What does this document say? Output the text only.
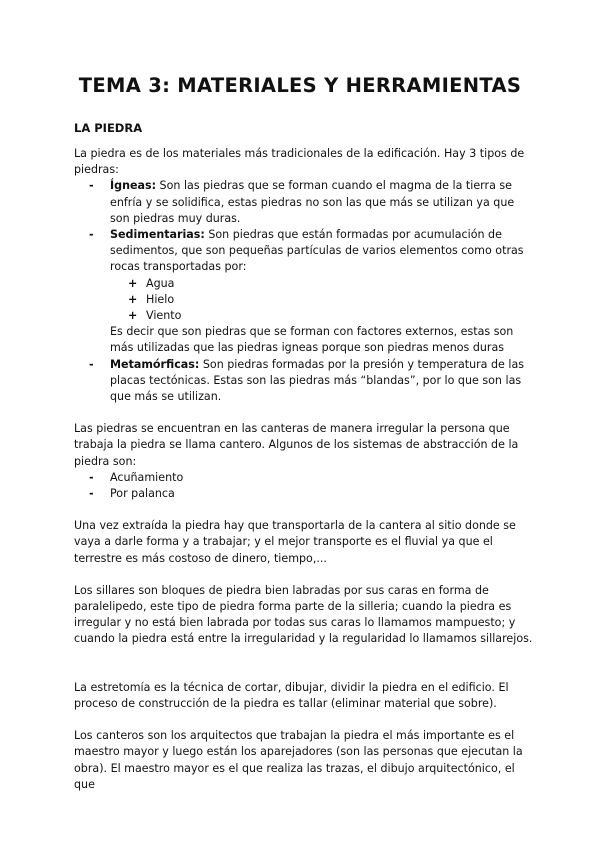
TEMA 3: MATERIALES Y HERRAMIENTAS
LA PIEDRA

La piedra es de los materiales más tradicionales de la edificación. Hay 3 tipos de piedras:

- Ígneas: Son las piedras que se forman cuando el magma de la tierra se enfría y se solidifica, estas piedras no son las que más se utilizan ya que son piedras muy duras.
- Sedimentarias: Son piedras que están formadas por acumulación de sedimentos, que son pequeñas partículas de varios elementos como otras rocas transportadas por:
+ Agua
+ Hielo
+ Viento
Es decir que son piedras que se forman con factores externos, estas son más utilizadas que las piedras igneas porque son piedras menos duras
- Metamórficas: Son piedras formadas por la presión y temperatura de las placas tectónicas. Estas son las piedras más “blandas”, por lo que son las que más se utilizan.

Las piedras se encuentran en las canteras de manera irregular la persona que trabaja la piedra se llama cantero. Algunos de los sistemas de abstracción de la piedra son:

- Acuñamiento
- Por palanca

Una vez extraída la piedra hay que transportarla de la cantera al sitio donde se vaya a darle forma y a trabajar; y el mejor transporte es el fluvial ya que el terrestre es más costoso de dinero, tiempo,...

Los sillares son bloques de piedra bien labradas por sus caras en forma de paralelipedo, este tipo de piedra forma parte de la silleria; cuando la piedra es irregular y no está bien labrada por todas sus caras lo llamamos mampuesto; y cuando la piedra está entre la irregularidad y la regularidad lo llamamos sillarejos.

La estretomía es la técnica de cortar, dibujar, dividir la piedra en el edificio. El proceso de construcción de la piedra es tallar (eliminar material que sobre).

Los canteros son los arquitectos que trabajan la piedra el más importante es el maestro mayor y luego están los aparejadores (son las personas que ejecutan la obra). El maestro mayor es el que realiza las trazas, el dibujo arquitectónico, el que
